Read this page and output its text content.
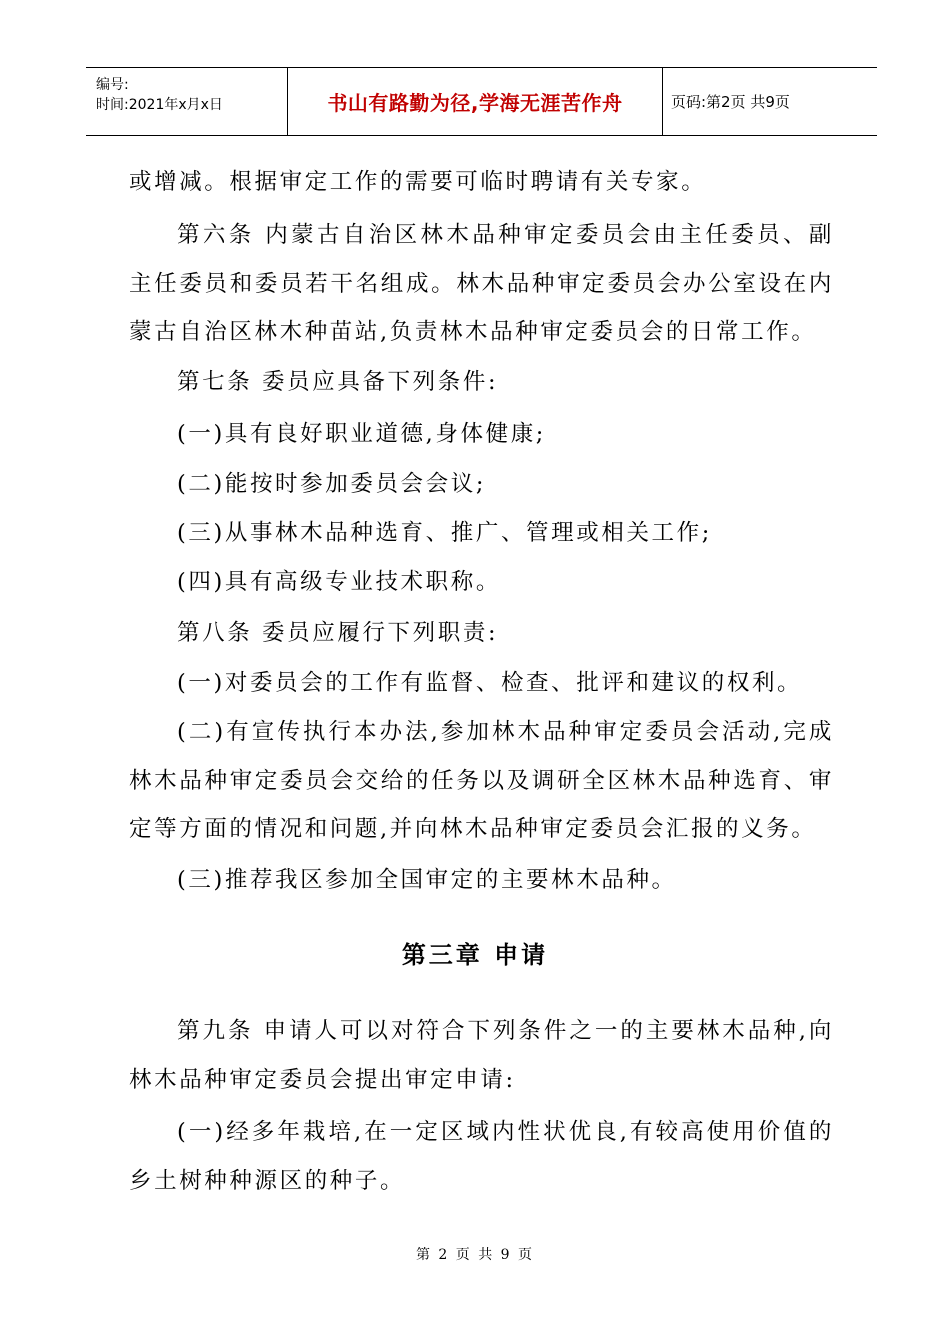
编号:
时间:2021年x月x日	书山有路勤为径,学海无涯苦作舟	页码:第2页 共9页

或增减。根据审定工作的需要可临时聘请有关专家。

第六条 内蒙古自治区林木品种审定委员会由主任委员、副主任委员和委员若干名组成。林木品种审定委员会办公室设在内蒙古自治区林木种苗站,负责林木品种审定委员会的日常工作。

第七条 委员应具备下列条件:

(一)具有良好职业道德,身体健康;

(二)能按时参加委员会会议;

(三)从事林木品种选育、推广、管理或相关工作;

(四)具有高级专业技术职称。

第八条 委员应履行下列职责:

(一)对委员会的工作有监督、检查、批评和建议的权利。

(二)有宣传执行本办法,参加林木品种审定委员会活动,完成林木品种审定委员会交给的任务以及调研全区林木品种选育、审定等方面的情况和问题,并向林木品种审定委员会汇报的义务。

(三)推荐我区参加全国审定的主要林木品种。

第三章 申请

第九条 申请人可以对符合下列条件之一的主要林木品种,向林木品种审定委员会提出审定申请:

(一)经多年栽培,在一定区域内性状优良,有较高使用价值的乡土树种种源区的种子。

第 2 页 共 9 页
